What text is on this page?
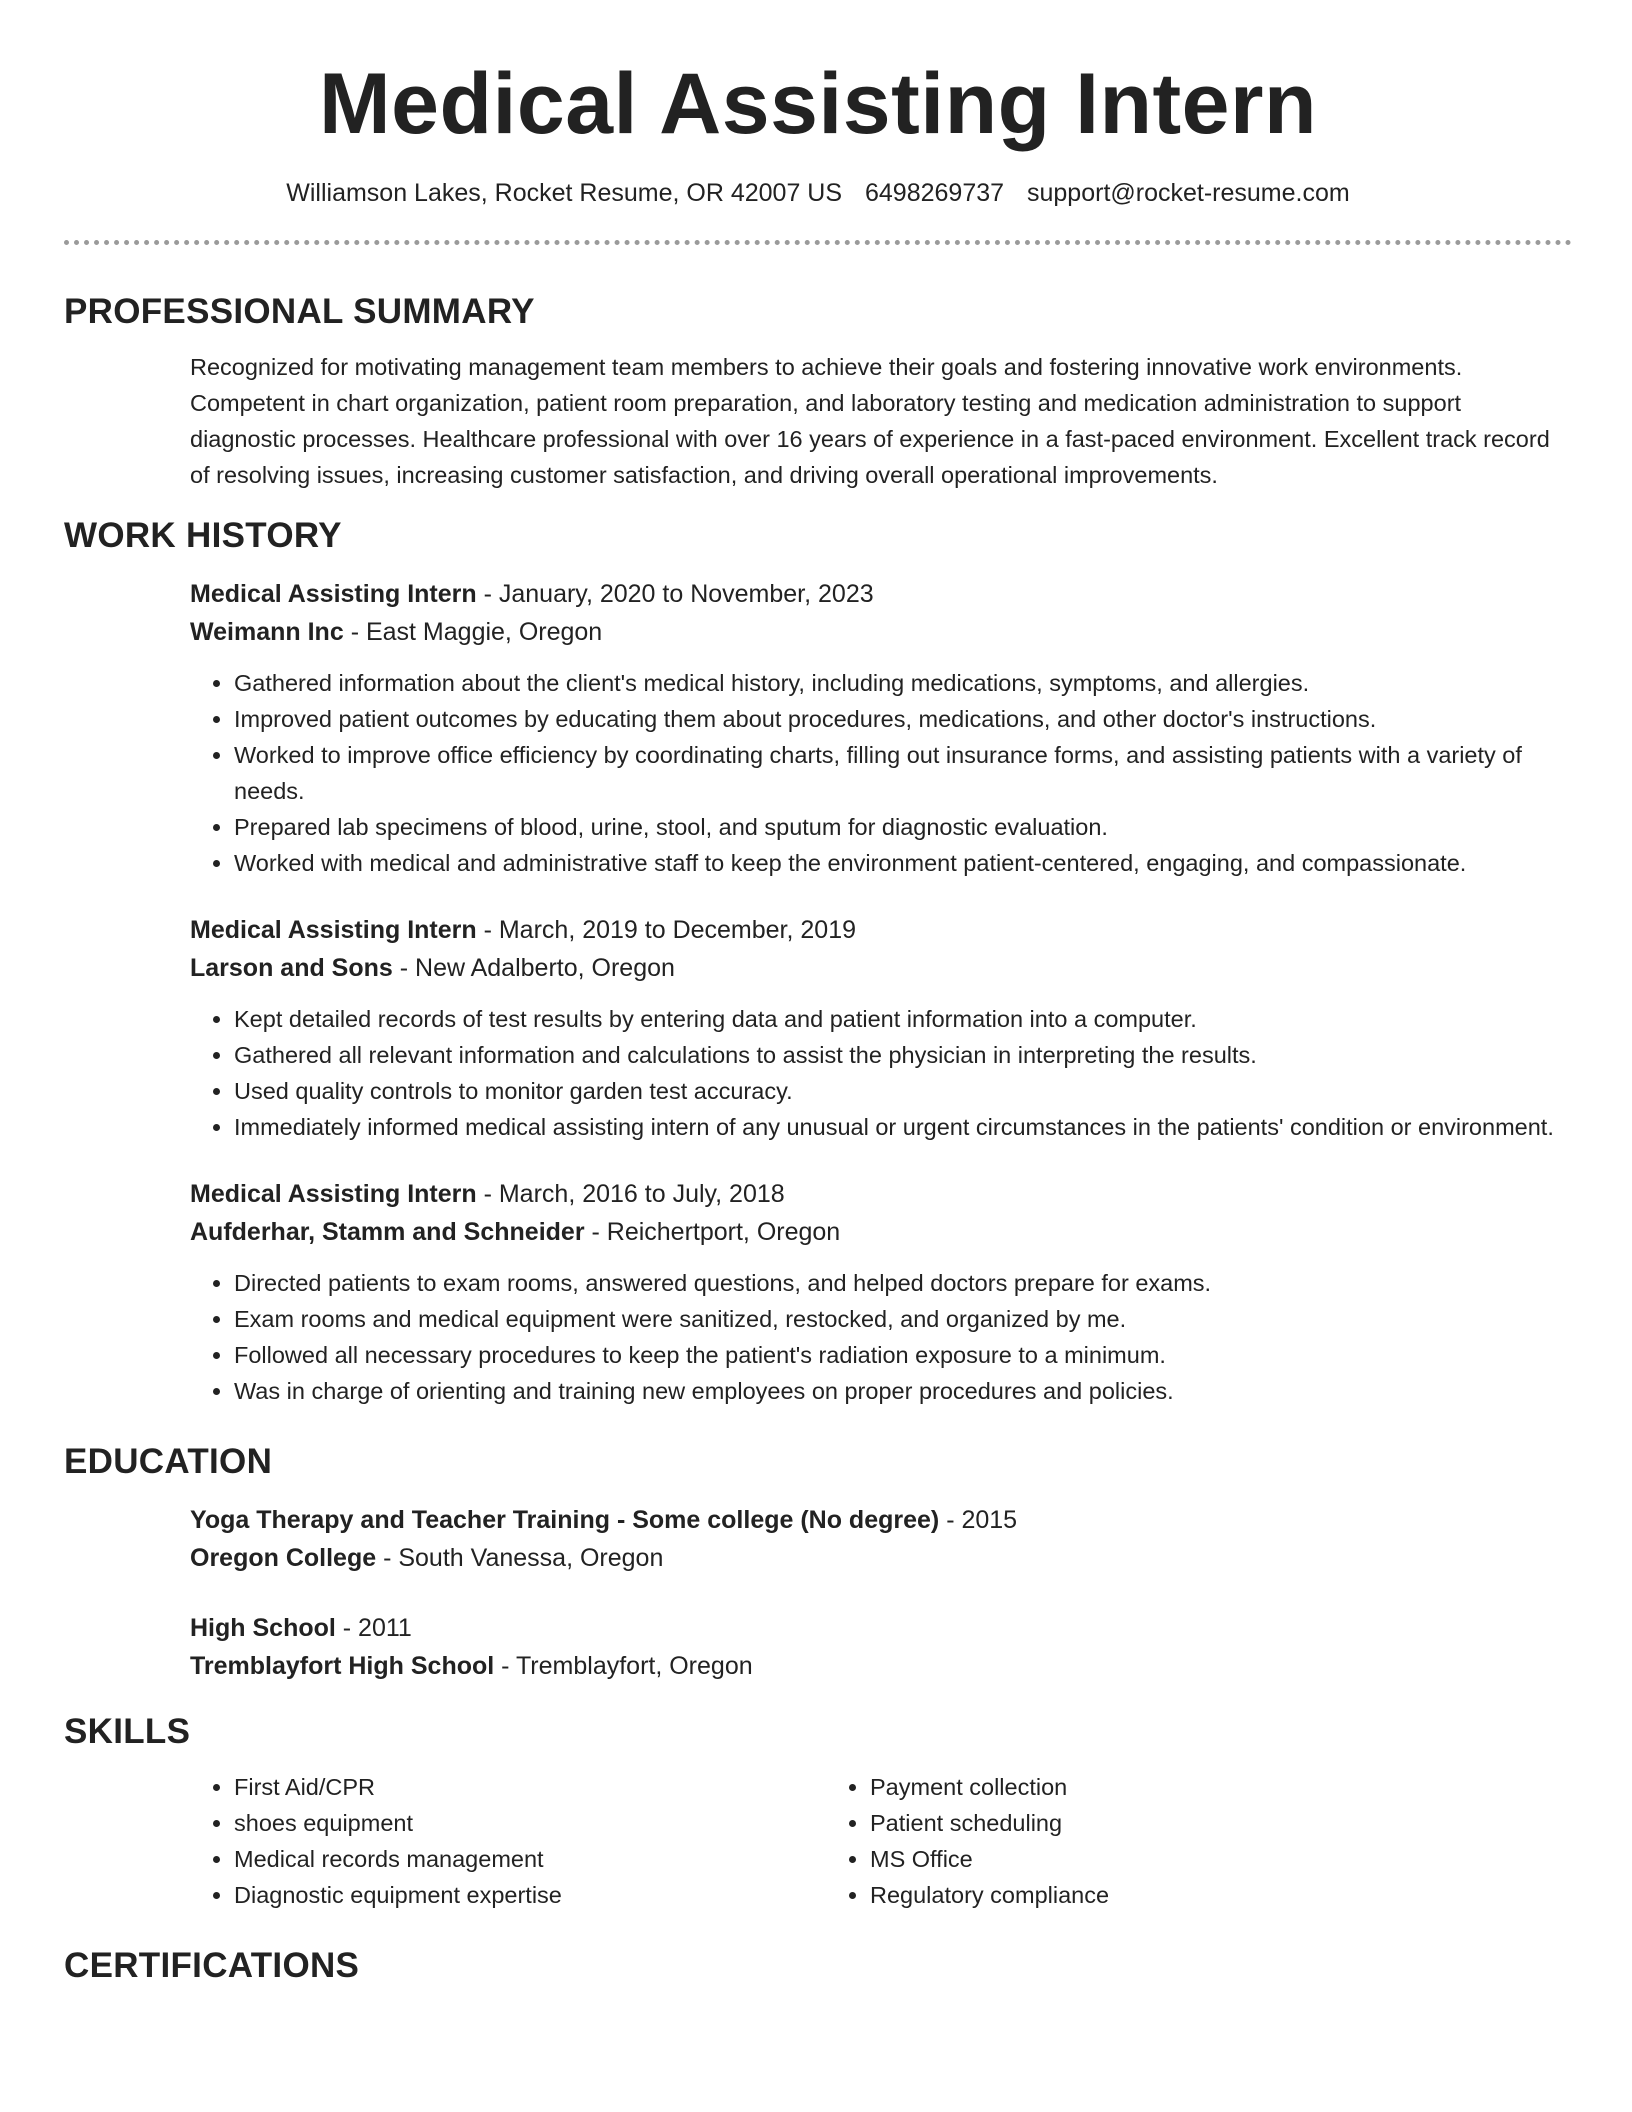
Medical Assisting Intern
Williamson Lakes, Rocket Resume, OR 42007 US 6498269737 support@rocket-resume.com
PROFESSIONAL SUMMARY

Recognized for motivating management team members to achieve their goals and fostering innovative work environments. Competent in chart organization, patient room preparation, and laboratory testing and medication administration to support diagnostic processes. Healthcare professional with over 16 years of experience in a fast-paced environment. Excellent track record of resolving issues, increasing customer satisfaction, and driving overall operational improvements.

WORK HISTORY
Medical Assisting Intern - January, 2020 to November, 2023
Weimann Inc - East Maggie, Oregon
• Gathered information about the client's medical history, including medications, symptoms, and allergies.
• Improved patient outcomes by educating them about procedures, medications, and other doctor's instructions.
• Worked to improve office efficiency by coordinating charts, filling out insurance forms, and assisting patients with a variety of needs.
• Prepared lab specimens of blood, urine, stool, and sputum for diagnostic evaluation.
• Worked with medical and administrative staff to keep the environment patient-centered, engaging, and compassionate.
Medical Assisting Intern - March, 2019 to December, 2019
Larson and Sons - New Adalberto, Oregon
• Kept detailed records of test results by entering data and patient information into a computer.
• Gathered all relevant information and calculations to assist the physician in interpreting the results.
• Used quality controls to monitor garden test accuracy.
• Immediately informed medical assisting intern of any unusual or urgent circumstances in the patients' condition or environment.
Medical Assisting Intern - March, 2016 to July, 2018
Aufderhar, Stamm and Schneider - Reichertport, Oregon
• Directed patients to exam rooms, answered questions, and helped doctors prepare for exams.
• Exam rooms and medical equipment were sanitized, restocked, and organized by me.
• Followed all necessary procedures to keep the patient's radiation exposure to a minimum.
• Was in charge of orienting and training new employees on proper procedures and policies.
EDUCATION
Yoga Therapy and Teacher Training - Some college (No degree) - 2015
Oregon College - South Vanessa, Oregon
High School - 2011
Tremblayfort High School - Tremblayfort, Oregon
SKILLS
• First Aid/CPR
• shoes equipment
• Medical records management
• Diagnostic equipment expertise
• Payment collection
• Patient scheduling
• MS Office
• Regulatory compliance
CERTIFICATIONS
